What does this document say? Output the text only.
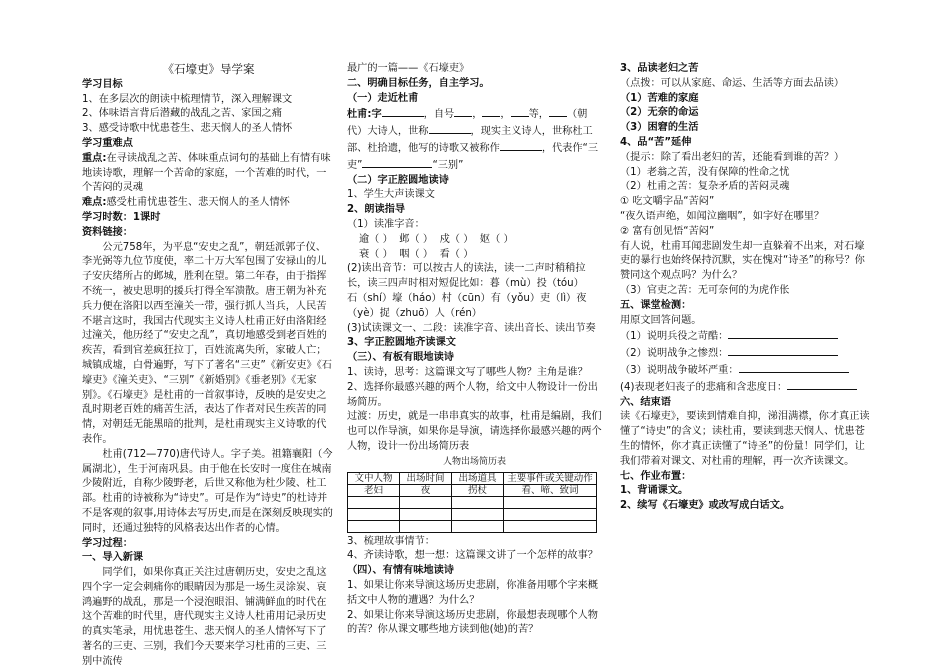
《石壕吏》导学案

学习目标

1、在多层次的朗读中梳理情节，深入理解课文

2、体味语言背后潜藏的战乱之苦、家国之痛

3、感受诗歌中忧患苍生、悲天悯人的圣人情怀

学习重难点

重点:在寻读战乱之苦、体味重点词句的基础上有情有味地读诗歌，理解一个苦命的家庭，一个苦难的时代，一个苦闷的灵魂

难点:感受杜甫忧患苍生、悲天悯人的圣人情怀

学习时数：1课时

资料链接：

公元758年，为平息“安史之乱”，朝廷派郭子仪、李光弼等九位节度使，率二十万大军包围了安禄山的儿子安庆绪所占的邺城，胜利在望。第二年春，由于指挥不统一，被史思明的援兵打得全军溃散。唐王朝为补充兵力便在洛阳以西至潼关一带，强行抓人当兵，人民苦不堪言这时，我国古代现实主义诗人杜甫正好由洛阳经过潼关，他历经了“安史之乱”，真切地感受到老百姓的疾苦，看到官差疯狂拉丁，百姓流离失所，家破人亡；城镇成墟，白骨遍野，写下了著名“三吏”《新安吏》《石壕吏》《潼关吏》、“三别”《新婚别》《垂老别》《无家别》。《石壕吏》是杜甫的一首叙事诗，反映的是安史之乱时期老百姓的痛苦生活，表达了作者对民生疾苦的同情，对朝廷无能黑暗的批判，是杜甫现实主义诗歌的代表作。

杜甫(712—770)唐代诗人。字子美。祖籍襄阳（今属湖北），生于河南巩县。由于他在长安时一度住在城南少陵附近，自称少陵野老，后世又称他为杜少陵、杜工部。杜甫的诗被称为“诗史”。可是作为“诗史”的杜诗并不是客观的叙事,用诗体去写历史,而是在深刻反映现实的同时，还通过独特的风格表达出作者的心情。

学习过程：

一、导入新课

同学们，如果你真正关注过唐朝历史，安史之乱这四个字一定会刺痛你的眼睛因为那是一场生灵涂炭、哀鸿遍野的战乱，那是一个浸泡眼泪、铺满鲜血的时代在这个苦难的时代里，唐代现实主义诗人杜甫用记录历史的真实笔录，用忧患苍生、悲天悯人的圣人情怀写下了著名的三吏、三别，我们今天要来学习杜甫的三吏、三别中流传

最广的一篇——《石壕吏》

二、明确目标任务，自主学习。

（一）走近杜甫

杜甫:字	，自号 ， ， 等， （朝代）大诗人，世称	，现实主义诗人，世称杜工部、杜拾遗，他写的诗歌又被称作	，代表作“三吏”	“三别”

（二）字正腔圆地读诗

1、学生大声读课文

2、朗读指导

（1）读准字音：

逾（ ） 邺（ ） 戍（ ） 妪（ ）

衰（ ） 咽（ ） 看（ ）

(2)读出音节：可以按古人的读法，读一二声时稍稍拉长，读三四声时相对短促比如：暮（mù）投（tóu）

石（shí）壕（háo）村（cūn）有（yǒu）吏（lì）夜（yè）捉（zhuō）人（rén）

(3)试读课文一、二段：读准字音、读出音长、读出节奏

3、字正腔圆地齐读课文

（三）、有板有眼地读诗

1、读诗，思考：这篇课文写了哪些人物？主角是谁？

2、选择你最感兴趣的两个人物，给文中人物设计一份出场简历。

过渡：历史，就是一串串真实的故事，杜甫是编剧，我们也可以作导演，如果你是导演，请选择你最感兴趣的两个人物，设计一份出场简历表

人物出场简历表
文中人物	出场时间	出场道具	主要事件或关键动作
老妇	夜	拐杖	看、啼、致词

3、梳理故事情节：

4、齐读诗歌，想一想：这篇课文讲了一个怎样的故事？

（四）、有情有味地读诗

1、如果让你来导演这场历史悲剧，你准备用哪个字来概括文中人物的遭遇？为什么？

2、如果让你来导演这场历史悲剧，你最想表现哪个人物的苦？你从课文哪些地方读到他(她)的苦？

3、品读老妇之苦

（点拨：可以从家庭、命运、生活等方面去品读）

（1）苦难的家庭

（2）无奈的命运

（3）困窘的生活

4、品“苦”延伸

（提示：除了看出老妇的苦，还能看到谁的苦？）

（1）老翁之苦，没有保障的性命之忧

（2）杜甫之苦：复杂矛盾的苦闷灵魂

① 吃文嚼字品“苦闷”

“夜久语声绝，如闻泣幽咽”，如字好在哪里？

② 富有创见悟“苦闷”

有人说，杜甫耳闻悲剧发生却一直躲着不出来，对石壕吏的暴行也始终保持沉默，实在愧对“诗圣”的称号？你赞同这个观点吗？为什么？

（3）官吏之苦：无可奈何的为虎作伥

五、课堂检测：

用原文回答问题。

（1）说明兵役之苛酷：

（2）说明战争之惨烈：

（3）说明战争破坏严重：

(4)表现老妇丧子的悲痛和含悲度日：

六、结束语

读《石壕吏》，要读到情难自抑，涕泪满襟，你才真正读懂了“诗史”的含义；读杜甫，要读到悲天悯人、忧患苍生的情怀，你才真正读懂了“诗圣”的份量！同学们，让我们带着对课文、对杜甫的理解，再一次齐读课文。

七、作业布置：

1、背诵课文。

2、续写《石壕吏》或改写成白话文。
